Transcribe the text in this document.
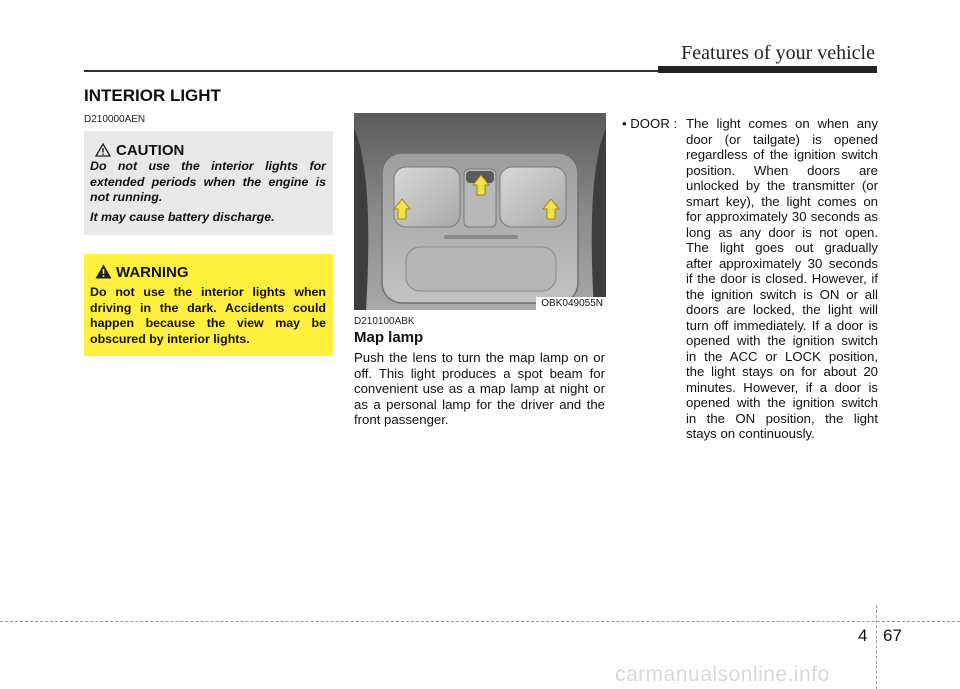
Features of your vehicle
INTERIOR LIGHT
D210000AEN
CAUTION

Do not use the interior lights for extended periods when the engine is not running.

It may cause battery discharge.

WARNING
Do not use the interior lights when driving in the dark. Accidents could happen because the view may be obscured by interior lights.
OBK049055N
D210100ABK
Map lamp
Push the lens to turn the map lamp on or off. This light produces a spot beam for convenient use as a map lamp at night or as a personal lamp for the driver and the front passenger.
• DOOR : The light comes on when any door (or tailgate) is opened regardless of the ignition switch position. When doors are unlocked by the transmitter (or smart key), the light comes on for approximately 30 seconds as long as any door is not open. The light goes out gradually after approximately 30 seconds if the door is closed. However, if the ignition switch is ON or all doors are locked, the light will turn off immediately. If a door is opened with the ignition switch in the ACC or LOCK position, the light stays on for about 20 minutes. However, if a door is opened with the ignition switch in the ON position, the light stays on continuously.
4 67
carmanualsonline.info
